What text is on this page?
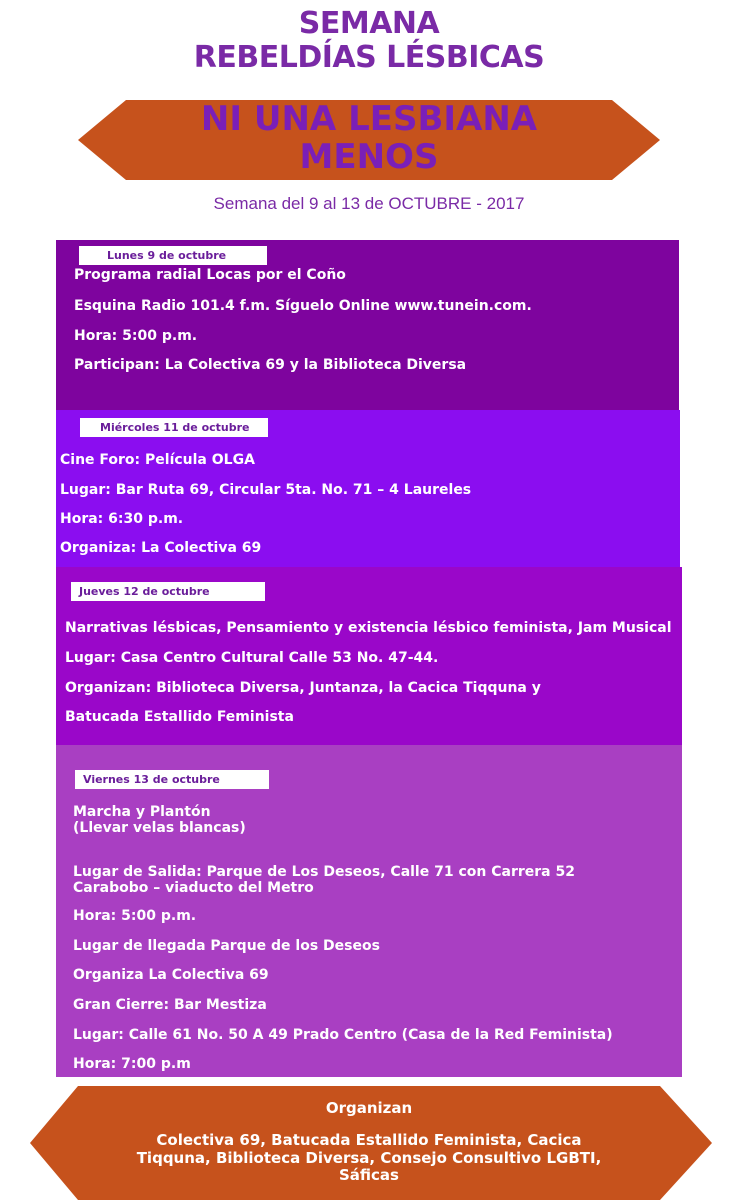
SEMANA
REBELDÍAS LÉSBICAS
NI UNA LESBIANA
MENOS
Semana del 9 al 13 de OCTUBRE - 2017
Lunes 9 de octubre
Programa radial Locas por el Coño
Esquina Radio 101.4 f.m. Síguelo Online www.tunein.com.
Hora: 5:00 p.m.
Participan: La Colectiva 69 y la Biblioteca Diversa
Miércoles 11 de octubre
Cine Foro: Película OLGA
Lugar: Bar Ruta 69, Circular 5ta. No. 71 – 4 Laureles
Hora: 6:30 p.m.
Organiza: La Colectiva 69
Jueves 12 de octubre
Narrativas lésbicas, Pensamiento y existencia lésbico feminista, Jam Musical
Lugar: Casa Centro Cultural Calle 53 No. 47-44.
Organizan: Biblioteca Diversa, Juntanza, la Cacica Tiqquna y
Batucada Estallido Feminista
Viernes 13 de octubre
Marcha y Plantón
(Llevar velas blancas)
Lugar de Salida: Parque de Los Deseos, Calle 71 con Carrera 52
Carabobo – viaducto del Metro
Hora: 5:00 p.m.
Lugar de llegada Parque de los Deseos
Organiza La Colectiva 69
Gran Cierre: Bar Mestiza
Lugar: Calle 61 No. 50 A 49 Prado Centro (Casa de la Red Feminista)
Hora: 7:00 p.m
Organizan
Colectiva 69, Batucada Estallido Feminista, Cacica
Tiqquna, Biblioteca Diversa, Consejo Consultivo LGBTI,
Sáficas
